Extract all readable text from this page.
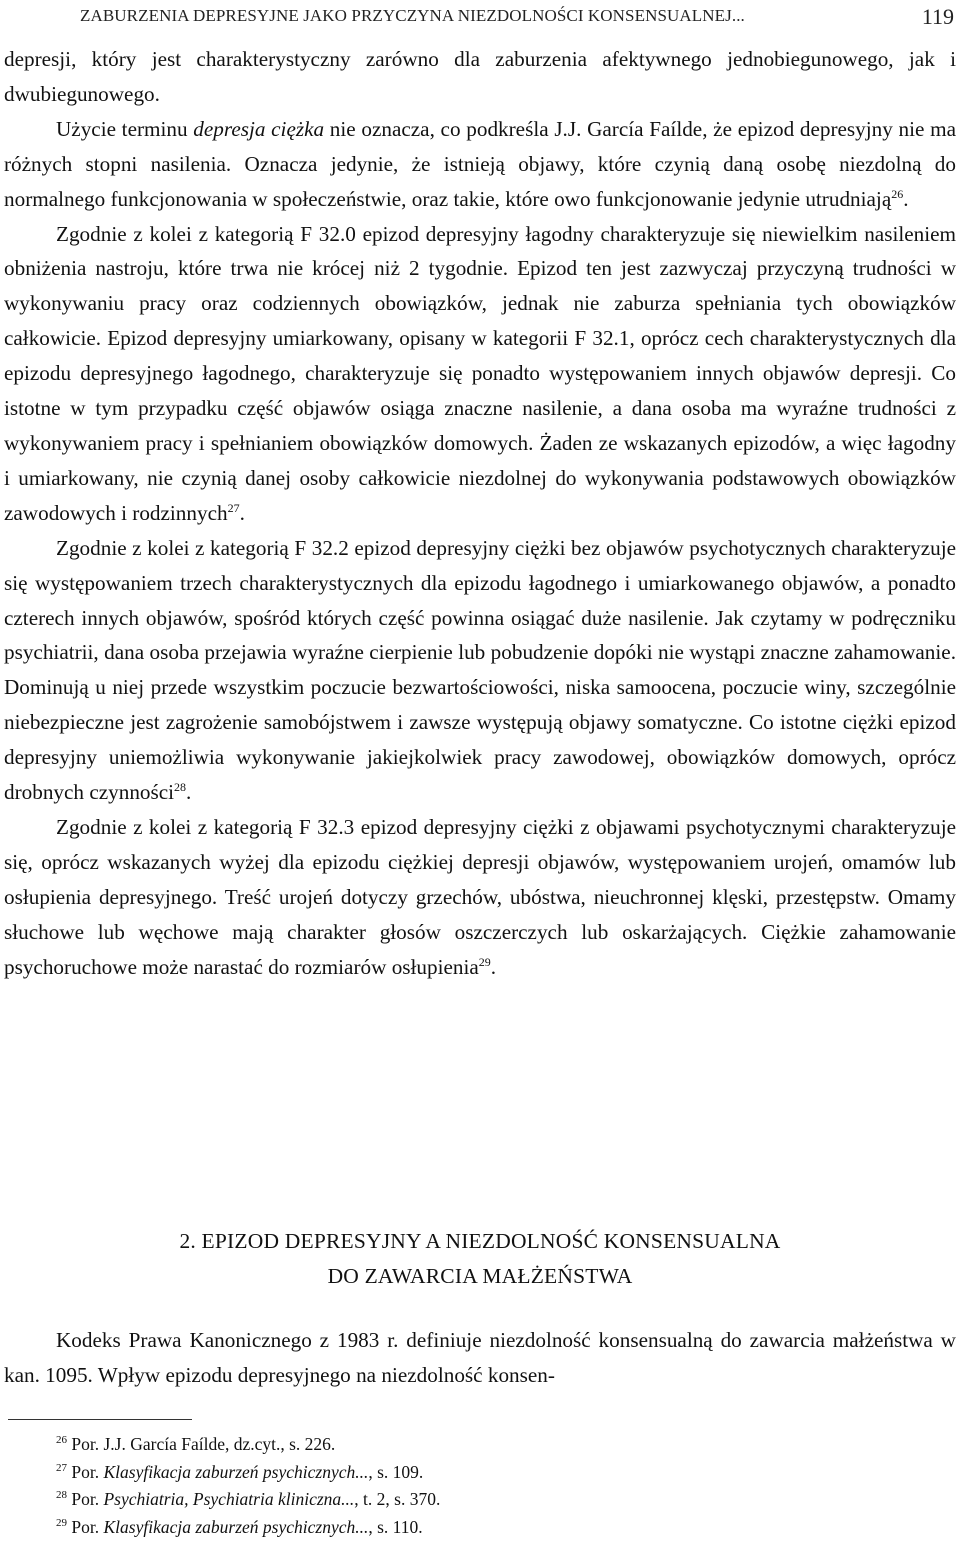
ZABURZENIA DEPRESYJNE JAKO PRZYCZYNA NIEZDOLNOŚCI KONSENSUALNEJ...	119

depresji, który jest charakterystyczny zarówno dla zaburzenia afektywnego jednobiegunowego, jak i dwubiegunowego.

Użycie terminu depresja ciężka nie oznacza, co podkreśla J.J. García Faílde, że epizod depresyjny nie ma różnych stopni nasilenia. Oznacza jedynie, że istnieją objawy, które czynią daną osobę niezdolną do normalnego funkcjonowania w społeczeństwie, oraz takie, które owo funkcjonowanie jedynie utrudniają$^{26}$.

Zgodnie z kolei z kategorią F 32.0 epizod depresyjny łagodny charakteryzuje się niewielkim nasileniem obniżenia nastroju, które trwa nie krócej niż 2 tygodnie. Epizod ten jest zazwyczaj przyczyną trudności w wykonywaniu pracy oraz codziennych obowiązków, jednak nie zaburza spełniania tych obowiązków całkowicie. Epizod depresyjny umiarkowany, opisany w kategorii F 32.1, oprócz cech charakterystycznych dla epizodu depresyjnego łagodnego, charakteryzuje się ponadto występowaniem innych objawów depresji. Co istotne w tym przypadku część objawów osiąga znaczne nasilenie, a dana osoba ma wyraźne trudności z wykonywaniem pracy i spełnianiem obowiązków domowych. Żaden ze wskazanych epizodów, a więc łagodny i umiarkowany, nie czynią danej osoby całkowicie niezdolnej do wykonywania podstawowych obowiązków zawodowych i rodzinnych$^{27}$.

Zgodnie z kolei z kategorią F 32.2 epizod depresyjny ciężki bez objawów psychotycznych charakteryzuje się występowaniem trzech charakterystycznych dla epizodu łagodnego i umiarkowanego objawów, a ponadto czterech innych objawów, spośród których część powinna osiągać duże nasilenie. Jak czytamy w podręczniku psychiatrii, dana osoba przejawia wyraźne cierpienie lub pobudzenie dopóki nie wystąpi znaczne zahamowanie. Dominują u niej przede wszystkim poczucie bezwartościowości, niska samoocena, poczucie winy, szczególnie niebezpieczne jest zagrożenie samobójstwem i zawsze występują objawy somatyczne. Co istotne ciężki epizod depresyjny uniemożliwia wykonywanie jakiejkolwiek pracy zawodowej, obowiązków domowych, oprócz drobnych czynności$^{28}$.

Zgodnie z kolei z kategorią F 32.3 epizod depresyjny ciężki z objawami psychotycznymi charakteryzuje się, oprócz wskazanych wyżej dla epizodu ciężkiej depresji objawów, występowaniem urojeń, omamów lub osłupienia depresyjnego. Treść urojeń dotyczy grzechów, ubóstwa, nieuchronnej klęski, przestępstw. Omamy słuchowe lub węchowe mają charakter głosów oszczerczych lub oskarżających. Ciężkie zahamowanie psychoruchowe może narastać do rozmiarów osłupienia$^{29}$.

2. EPIZOD DEPRESYJNY A NIEZDOLNOŚĆ KONSENSUALNA
DO ZAWARCIA MAŁŻEŃSTWA

Kodeks Prawa Kanonicznego z 1983 r. definiuje niezdolność konsensualną do zawarcia małżeństwa w kan. 1095. Wpływ epizodu depresyjnego na niezdolność konsen-

$^{26}$ Por. J.J. García Faílde, dz.cyt., s. 226.
$^{27}$ Por. Klasyfikacja zaburzeń psychicznych..., s. 109.
$^{28}$ Por. Psychiatria, Psychiatria kliniczna..., t. 2, s. 370.
$^{29}$ Por. Klasyfikacja zaburzeń psychicznych..., s. 110.
